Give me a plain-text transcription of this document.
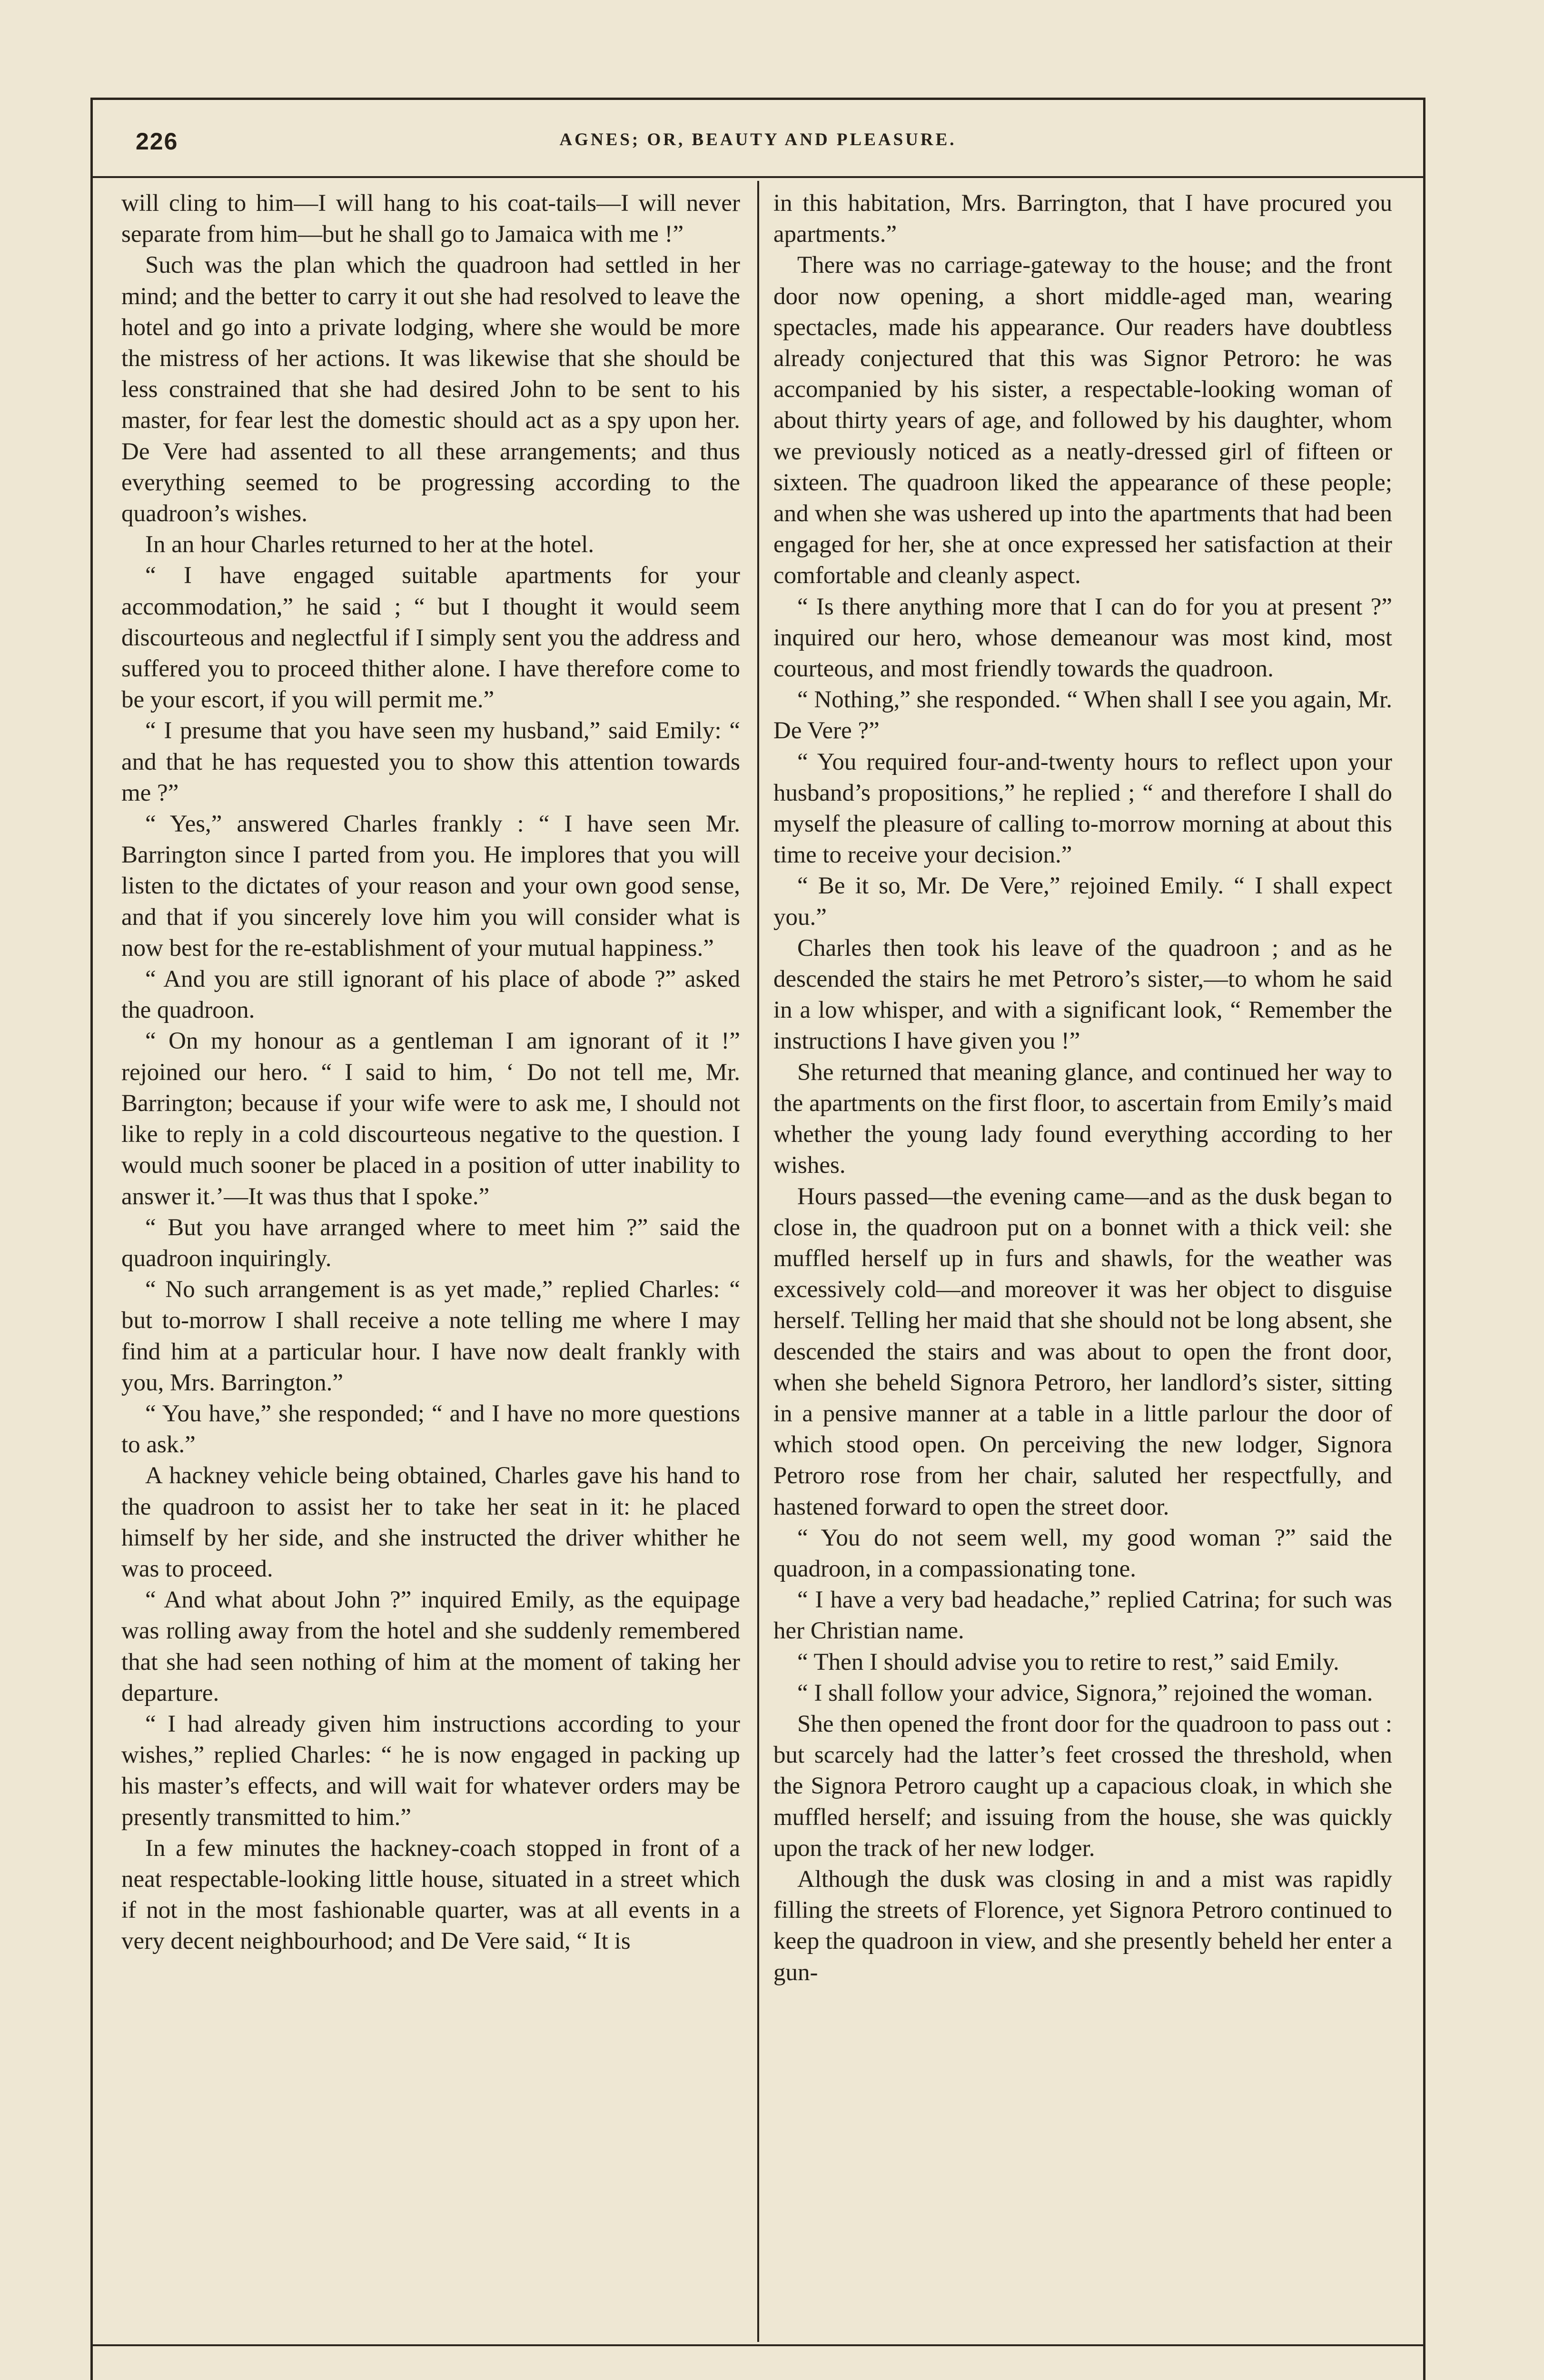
226	AGNES; OR, BEAUTY AND PLEASURE.

will cling to him—I will hang to his coat-tails—I will never separate from him—but he shall go to Jamaica with me !”

Such was the plan which the quadroon had settled in her mind; and the better to carry it out she had resolved to leave the hotel and go into a private lodging, where she would be more the mistress of her actions. It was likewise that she should be less constrained that she had desired John to be sent to his master, for fear lest the domestic should act as a spy upon her. De Vere had assented to all these arrangements; and thus everything seemed to be progressing according to the quadroon’s wishes.

In an hour Charles returned to her at the hotel.

“ I have engaged suitable apartments for your accommodation,” he said ; “ but I thought it would seem discourteous and neglectful if I simply sent you the address and suffered you to proceed thither alone. I have therefore come to be your escort, if you will permit me.”

“ I presume that you have seen my husband,” said Emily: “ and that he has requested you to show this attention towards me ?”

“ Yes,” answered Charles frankly : “ I have seen Mr. Barrington since I parted from you. He implores that you will listen to the dictates of your reason and your own good sense, and that if you sincerely love him you will consider what is now best for the re-establishment of your mutual happiness.”

“ And you are still ignorant of his place of abode ?” asked the quadroon.

“ On my honour as a gentleman I am ignorant of it !” rejoined our hero. “ I said to him, ‘ Do not tell me, Mr. Barrington; because if your wife were to ask me, I should not like to reply in a cold discourteous negative to the question. I would much sooner be placed in a position of utter inability to answer it.’—It was thus that I spoke.”

“ But you have arranged where to meet him ?” said the quadroon inquiringly.

“ No such arrangement is as yet made,” replied Charles: “ but to-morrow I shall receive a note telling me where I may find him at a particular hour. I have now dealt frankly with you, Mrs. Barrington.”

“ You have,” she responded; “ and I have no more questions to ask.”

A hackney vehicle being obtained, Charles gave his hand to the quadroon to assist her to take her seat in it: he placed himself by her side, and she instructed the driver whither he was to proceed.

“ And what about John ?” inquired Emily, as the equipage was rolling away from the hotel and she suddenly remembered that she had seen nothing of him at the moment of taking her departure.

“ I had already given him instructions according to your wishes,” replied Charles: “ he is now engaged in packing up his master’s effects, and will wait for whatever orders may be presently transmitted to him.”

In a few minutes the hackney-coach stopped in front of a neat respectable-looking little house, situated in a street which if not in the most fashionable quarter, was at all events in a very decent neighbourhood; and De Vere said, “ It is

in this habitation, Mrs. Barrington, that I have procured you apartments.”

There was no carriage-gateway to the house; and the front door now opening, a short middle-aged man, wearing spectacles, made his appearance. Our readers have doubtless already conjectured that this was Signor Petroro: he was accompanied by his sister, a respectable-looking woman of about thirty years of age, and followed by his daughter, whom we previously noticed as a neatly-dressed girl of fifteen or sixteen. The quadroon liked the appearance of these people; and when she was ushered up into the apartments that had been engaged for her, she at once expressed her satisfaction at their comfortable and cleanly aspect.

“ Is there anything more that I can do for you at present ?” inquired our hero, whose demeanour was most kind, most courteous, and most friendly towards the quadroon.

“ Nothing,” she responded. “ When shall I see you again, Mr. De Vere ?”

“ You required four-and-twenty hours to reflect upon your husband’s propositions,” he replied ; “ and therefore I shall do myself the pleasure of calling to-morrow morning at about this time to receive your decision.”

“ Be it so, Mr. De Vere,” rejoined Emily. “ I shall expect you.”

Charles then took his leave of the quadroon ; and as he descended the stairs he met Petroro’s sister,—to whom he said in a low whisper, and with a significant look, “ Remember the instructions I have given you !”

She returned that meaning glance, and continued her way to the apartments on the first floor, to ascertain from Emily’s maid whether the young lady found everything according to her wishes.

Hours passed—the evening came—and as the dusk began to close in, the quadroon put on a bonnet with a thick veil: she muffled herself up in furs and shawls, for the weather was excessively cold—and moreover it was her object to disguise herself. Telling her maid that she should not be long absent, she descended the stairs and was about to open the front door, when she beheld Signora Petroro, her landlord’s sister, sitting in a pensive manner at a table in a little parlour the door of which stood open. On perceiving the new lodger, Signora Petroro rose from her chair, saluted her respectfully, and hastened forward to open the street door.

“ You do not seem well, my good woman ?” said the quadroon, in a compassionating tone.

“ I have a very bad headache,” replied Catrina; for such was her Christian name.

“ Then I should advise you to retire to rest,” said Emily.

“ I shall follow your advice, Signora,” rejoined the woman.

She then opened the front door for the quadroon to pass out : but scarcely had the latter’s feet crossed the threshold, when the Signora Petroro caught up a capacious cloak, in which she muffled herself; and issuing from the house, she was quickly upon the track of her new lodger.

Although the dusk was closing in and a mist was rapidly filling the streets of Florence, yet Signora Petroro continued to keep the quadroon in view, and she presently beheld her enter a gun-
